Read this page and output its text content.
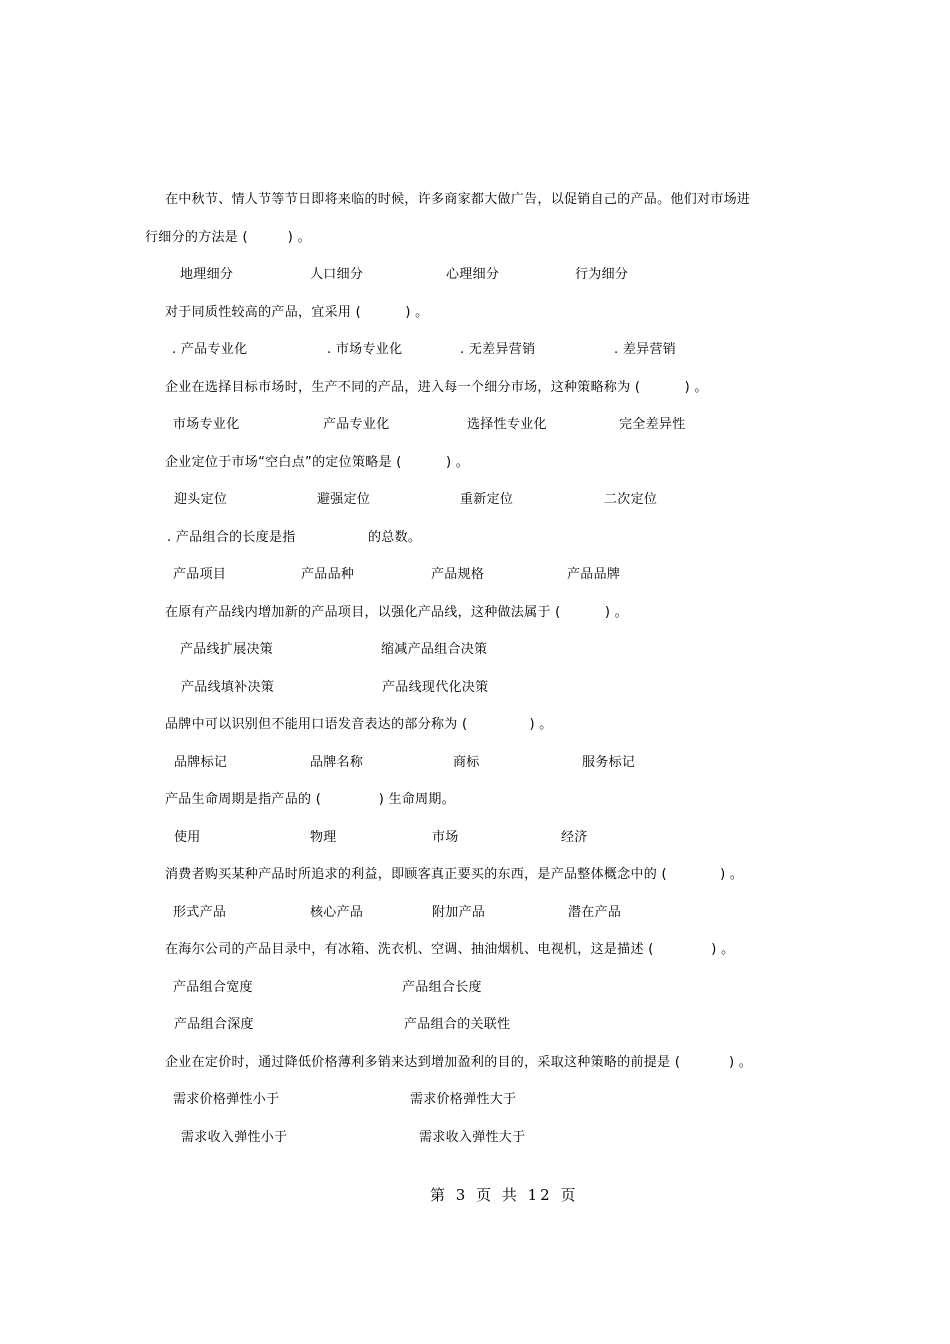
第 3 页 共 12 页
在中秋节、情人节等节日即将来临的时候，许多商家都大做广告，以促销自己的产品。他们对市场进
行细分的方法是 (         ) 。
地理细分	人口细分	心理细分	行为细分
对于同质性较高的产品，宜采用 (          ) 。
. 产品专业化	. 市场专业化	. 无差异营销	. 差异营销
企业在选择目标市场时，生产不同的产品，进入每一个细分市场，这种策略称为 (          ) 。
市场专业化	产品专业化	选择性专业化	完全差异性
企业定位于市场“空白点”的定位策略是 (          ) 。
迎头定位	避强定位	重新定位	二次定位
. 产品组合的长度是指	的总数。
产品项目	产品品种	产品规格	产品品牌
在原有产品线内增加新的产品项目，以强化产品线，这种做法属于 (          ) 。
产品线扩展决策	缩减产品组合决策
产品线填补决策	产品线现代化决策
品牌中可以识别但不能用口语发音表达的部分称为 (              ) 。
品牌标记	品牌名称	商标	服务标记
产品生命周期是指产品的 (             ) 生命周期。
使用	物理	市场	经济
消费者购买某种产品时所追求的利益，即顾客真正要买的东西，是产品整体概念中的 (            ) 。
形式产品	核心产品	附加产品	潜在产品
在海尔公司的产品目录中，有冰箱、洗衣机、空调、抽油烟机、电视机，这是描述 (             ) 。
产品组合宽度	产品组合长度
产品组合深度	产品组合的关联性
企业在定价时，通过降低价格薄利多销来达到增加盈利的目的，采取这种策略的前提是 (           ) 。
需求价格弹性小于	需求价格弹性大于
需求收入弹性小于	需求收入弹性大于
